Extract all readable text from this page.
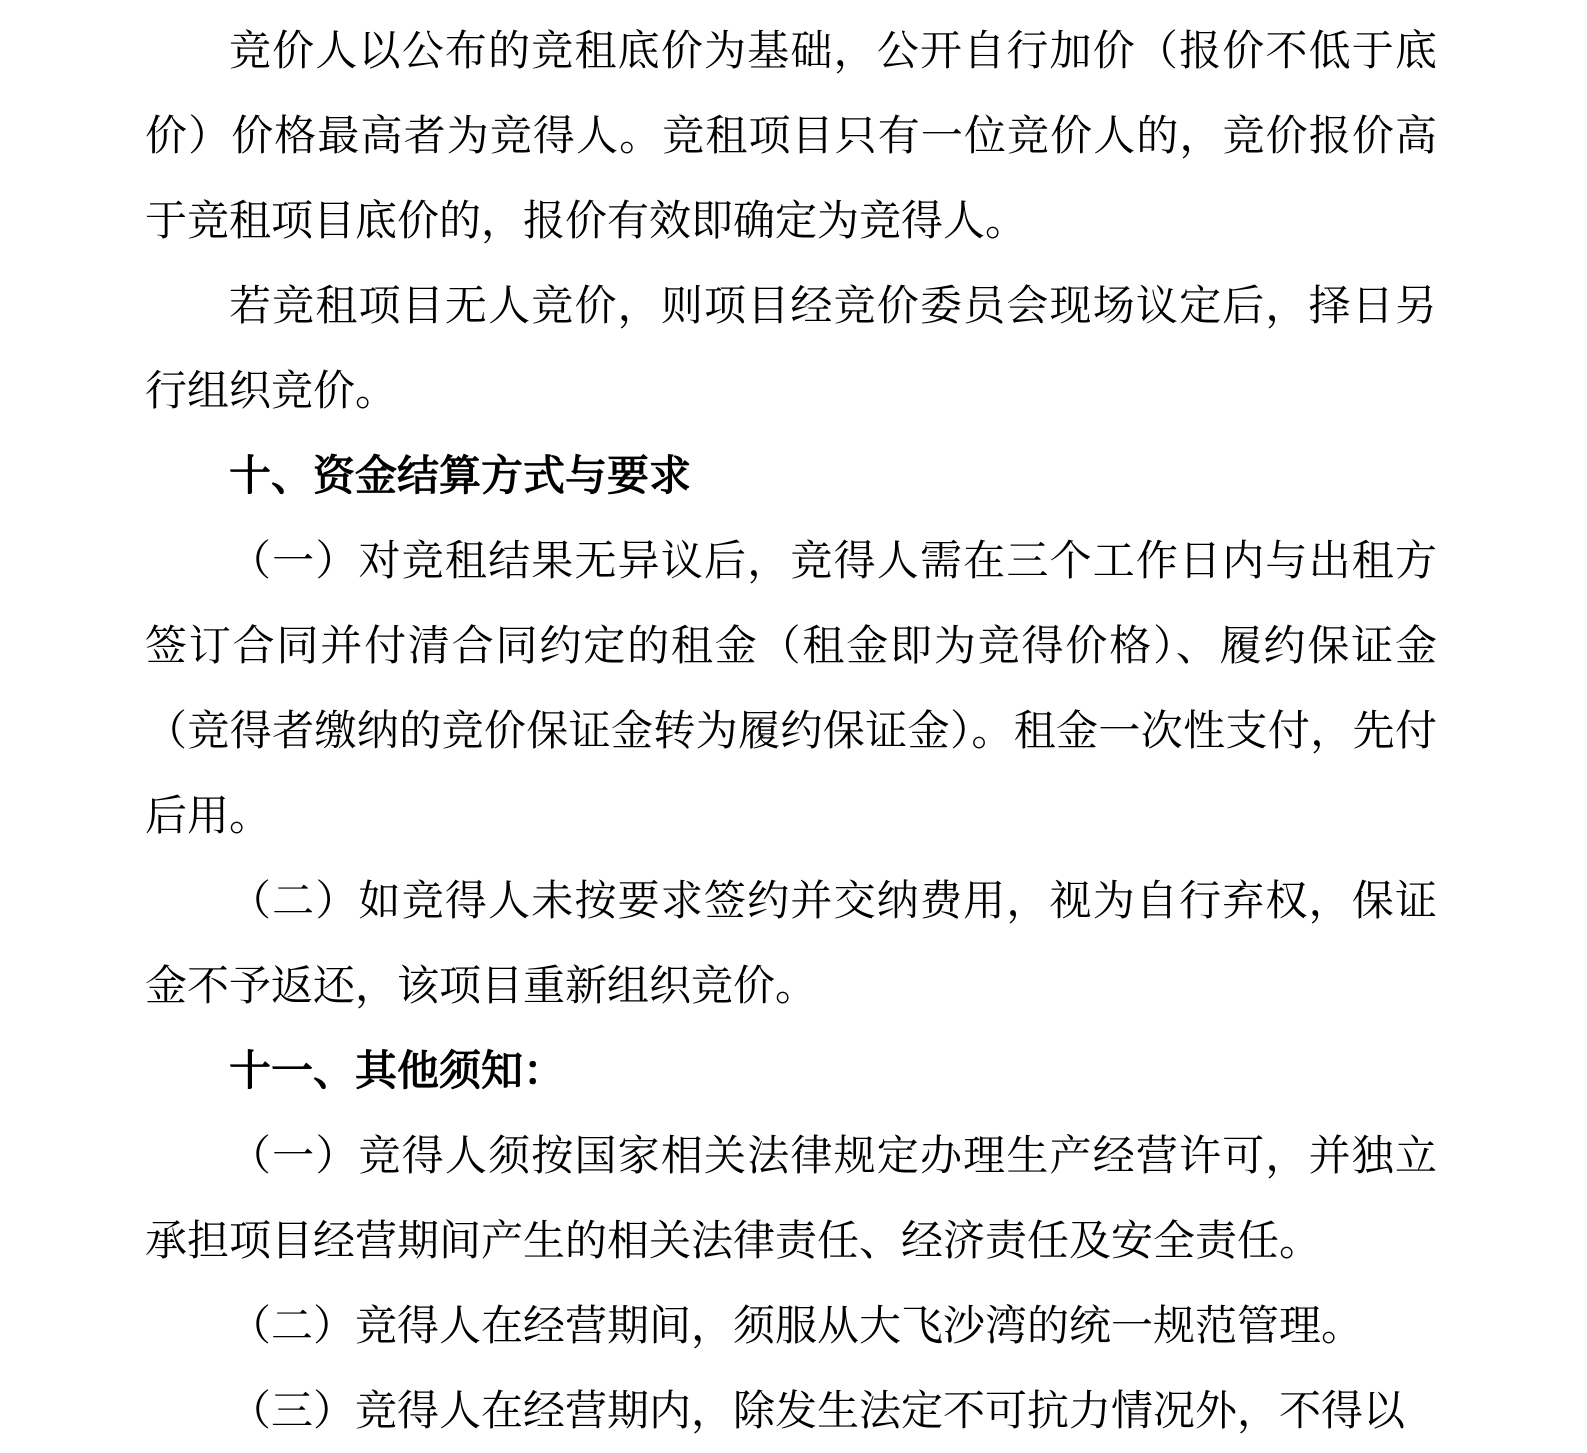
竞价人以公布的竞租底价为基础，公开自行加价（报价不低于底价）价格最高者为竞得人。竞租项目只有一位竞价人的，竞价报价高于竞租项目底价的，报价有效即确定为竞得人。

若竞租项目无人竞价，则项目经竞价委员会现场议定后，择日另行组织竞价。

十、资金结算方式与要求

（一）对竞租结果无异议后，竞得人需在三个工作日内与出租方签订合同并付清合同约定的租金（租金即为竞得价格）、履约保证金（竞得者缴纳的竞价保证金转为履约保证金）。租金一次性支付，先付后用。

（二）如竞得人未按要求签约并交纳费用，视为自行弃权，保证金不予返还，该项目重新组织竞价。

十一、其他须知：

（一）竞得人须按国家相关法律规定办理生产经营许可，并独立承担项目经营期间产生的相关法律责任、经济责任及安全责任。

（二）竞得人在经营期间，须服从大飞沙湾的统一规范管理。

（三）竞得人在经营期内，除发生法定不可抗力情况外，不得以
